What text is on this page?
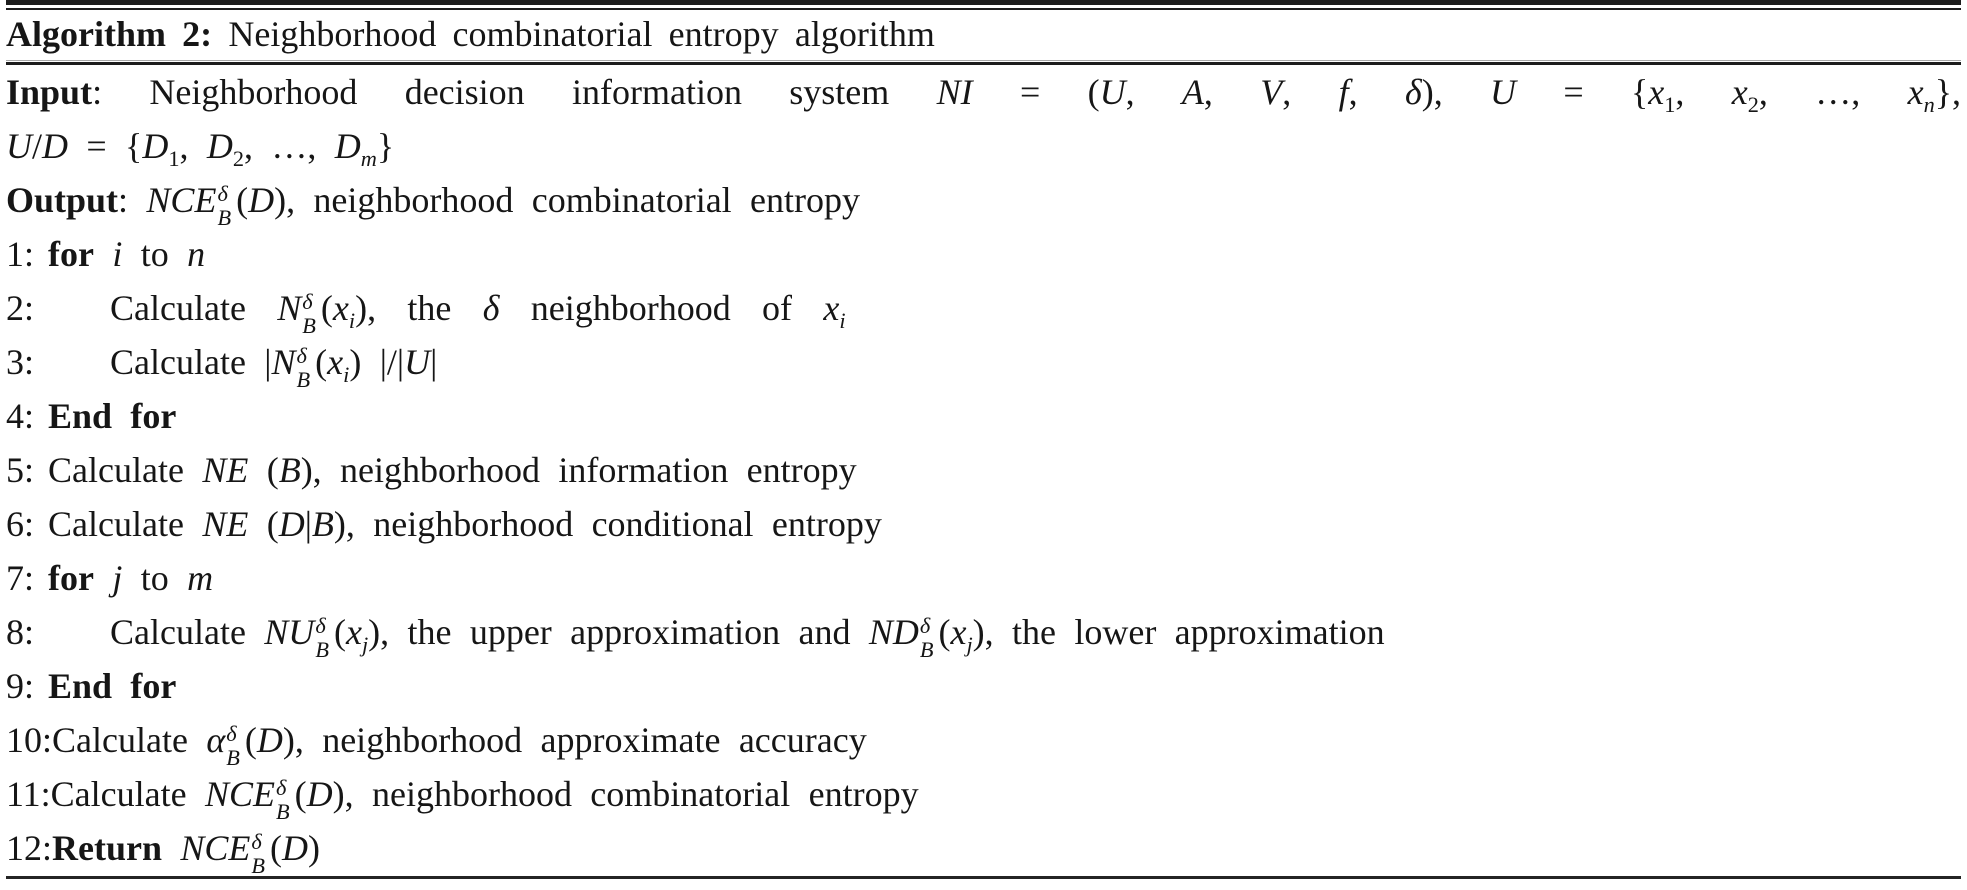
Algorithm 2: Neighborhood combinatorial entropy algorithm
Input: Neighborhood decision information system NI = (U, A, V, f, δ), $U = \{x_1$, $x_2$, …, $x_n$},
$U/D = \{D_1$, $D_2$, …, $D_m$}
Output: NCE δ
B (D), neighborhood combinatorial entropy
1: for i to n
2: Calculate N δ
B $(x_i)$, the δ neighborhood of $x_i$
3: Calculate |N δ
B $(x_i)$ |/|U|
4: End for
5: Calculate NE (B), neighborhood information entropy
6: Calculate NE (D|B), neighborhood conditional entropy
7: for j to m
8: Calculate NU δ
B $(x_j)$, the upper approximation and ND δ
B $(x_j)$, the lower approximation
9: End for
10:Calculate α δ
B (D), neighborhood approximate accuracy
11:Calculate NCE δ
B (D), neighborhood combinatorial entropy
12:Return NCE δ
B (D)
